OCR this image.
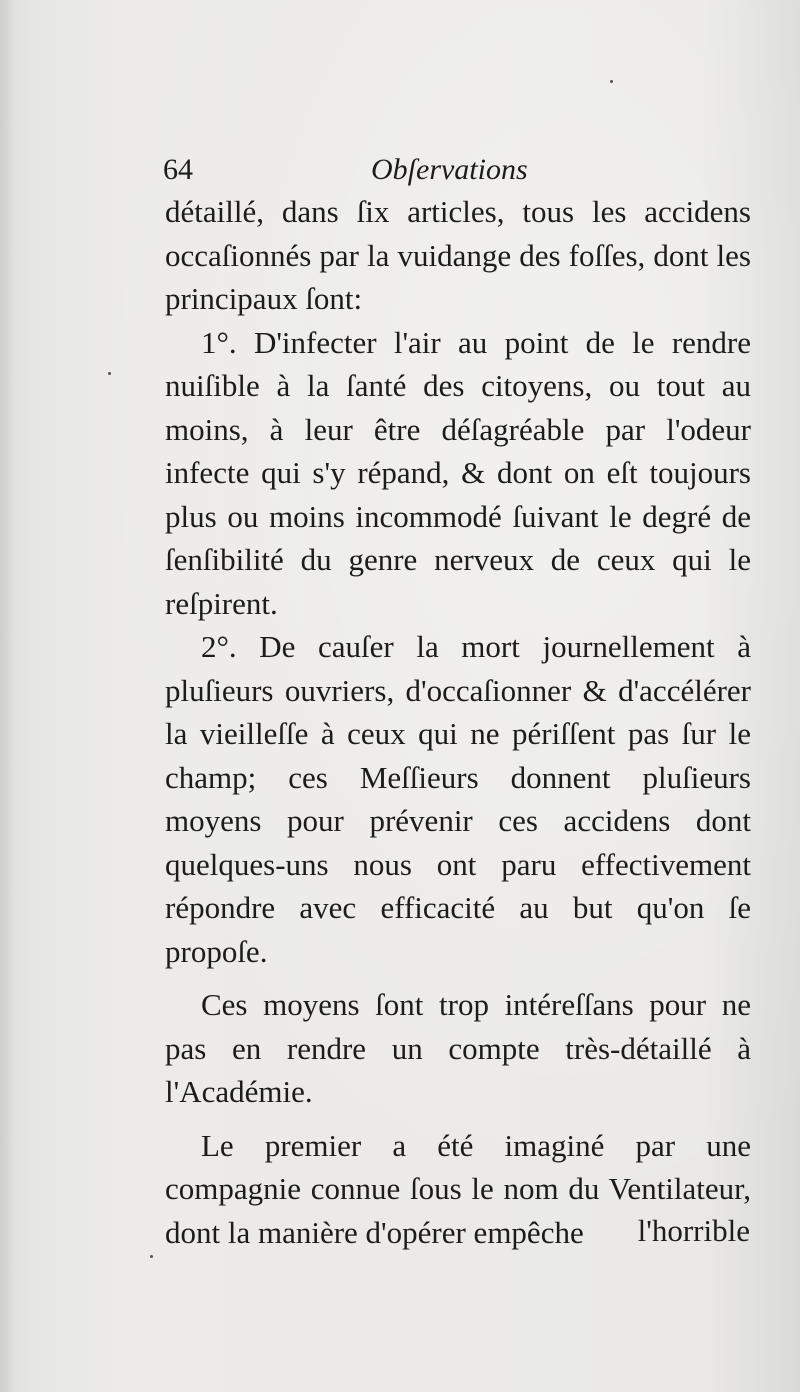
64	Obſervations

détaillé, dans ſix articles, tous les accidens occaſionnés par la vuidange des foſſes, dont les principaux ſont:

1°. D'infecter l'air au point de le rendre nuiſible à la ſanté des citoyens, ou tout au moins, à leur être déſagréable par l'odeur infecte qui s'y répand, & dont on eſt toujours plus ou moins incommodé ſuivant le degré de ſenſibilité du genre nerveux de ceux qui le reſpirent.

2°. De cauſer la mort journellement à pluſieurs ouvriers, d'occaſionner & d'accélérer la vieilleſſe à ceux qui ne périſſent pas ſur le champ; ces Meſſieurs donnent pluſieurs moyens pour prévenir ces accidens dont quelques-uns nous ont paru effectivement répondre avec efficacité au but qu'on ſe propoſe.

Ces moyens ſont trop intéreſſans pour ne pas en rendre un compte très-détaillé à l'Académie.

Le premier a été imaginé par une compagnie connue ſous le nom du Ventilateur, dont la manière d'opérer empêche	l'horrible
